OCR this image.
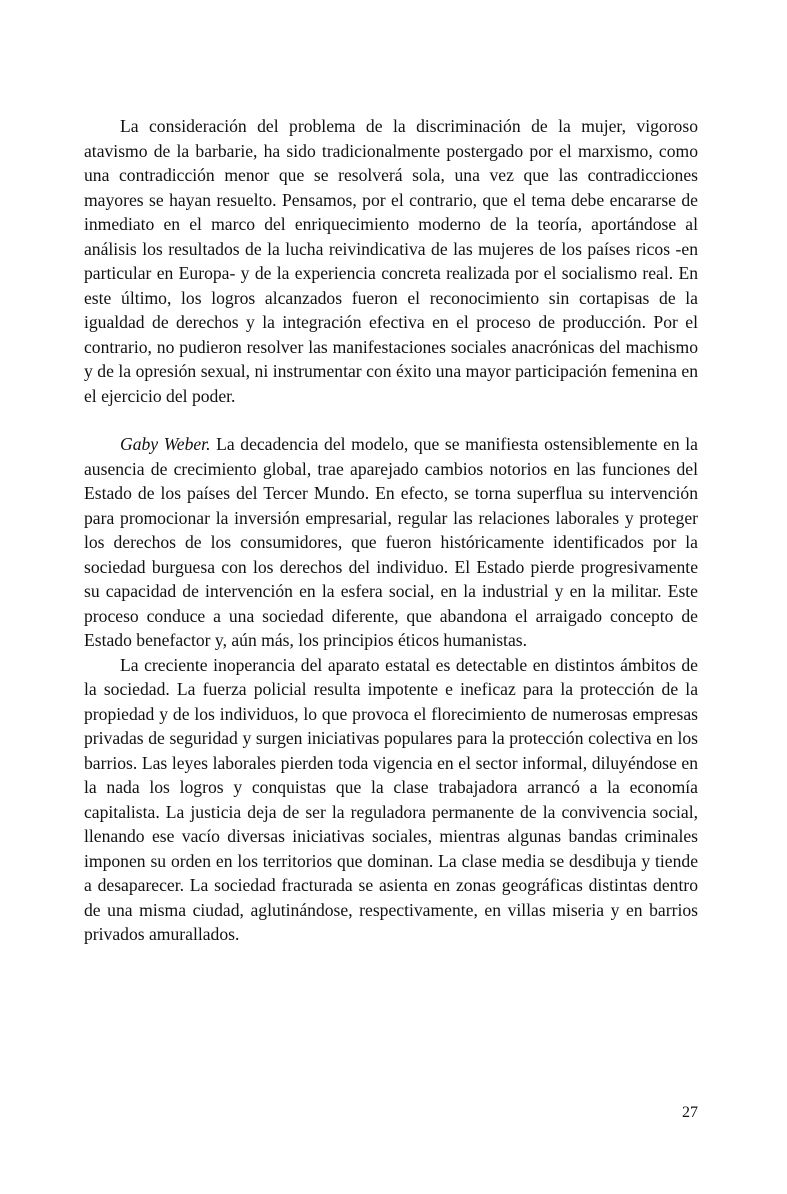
La consideración del problema de la discriminación de la mujer, vigoroso atavismo de la barbarie, ha sido tradicionalmente postergado por el marxismo, como una contradicción menor que se resolverá sola, una vez que las contradicciones mayores se hayan resuelto. Pensamos, por el contrario, que el tema debe encararse de inmediato en el marco del enriquecimiento moderno de la teoría, aportándose al análisis los resultados de la lucha reivindicativa de las mujeres de los países ricos -en particular en Europa- y de la experiencia concreta realizada por el socialismo real. En este último, los logros alcanzados fueron el reconocimiento sin cortapisas de la igualdad de derechos y la integración efectiva en el proceso de producción. Por el contrario, no pudieron resolver las manifestaciones sociales anacrónicas del machismo y de la opresión sexual, ni instrumentar con éxito una mayor participación femenina en el ejercicio del poder.

Gaby Weber. La decadencia del modelo, que se manifiesta ostensiblemente en la ausencia de crecimiento global, trae aparejado cambios notorios en las funciones del Estado de los países del Tercer Mundo. En efecto, se torna superflua su intervención para promocionar la inversión empresarial, regular las relaciones laborales y proteger los derechos de los consumidores, que fueron históricamente identificados por la sociedad burguesa con los derechos del individuo. El Estado pierde progresivamente su capacidad de intervención en la esfera social, en la industrial y en la militar. Este proceso conduce a una sociedad diferente, que abandona el arraigado concepto de Estado benefactor y, aún más, los principios éticos humanistas.

La creciente inoperancia del aparato estatal es detectable en distintos ámbitos de la sociedad. La fuerza policial resulta impotente e ineficaz para la protección de la propiedad y de los individuos, lo que provoca el florecimiento de numerosas empresas privadas de seguridad y surgen iniciativas populares para la protección colectiva en los barrios. Las leyes laborales pierden toda vigencia en el sector informal, diluyéndose en la nada los logros y conquistas que la clase trabajadora arrancó a la economía capitalista. La justicia deja de ser la reguladora permanente de la convivencia social, llenando ese vacío diversas iniciativas sociales, mientras algunas bandas criminales imponen su orden en los territorios que dominan. La clase media se desdibuja y tiende a desaparecer. La sociedad fracturada se asienta en zonas geográficas distintas dentro de una misma ciudad, aglutinándose, respectivamente, en villas miseria y en barrios privados amurallados.

27
